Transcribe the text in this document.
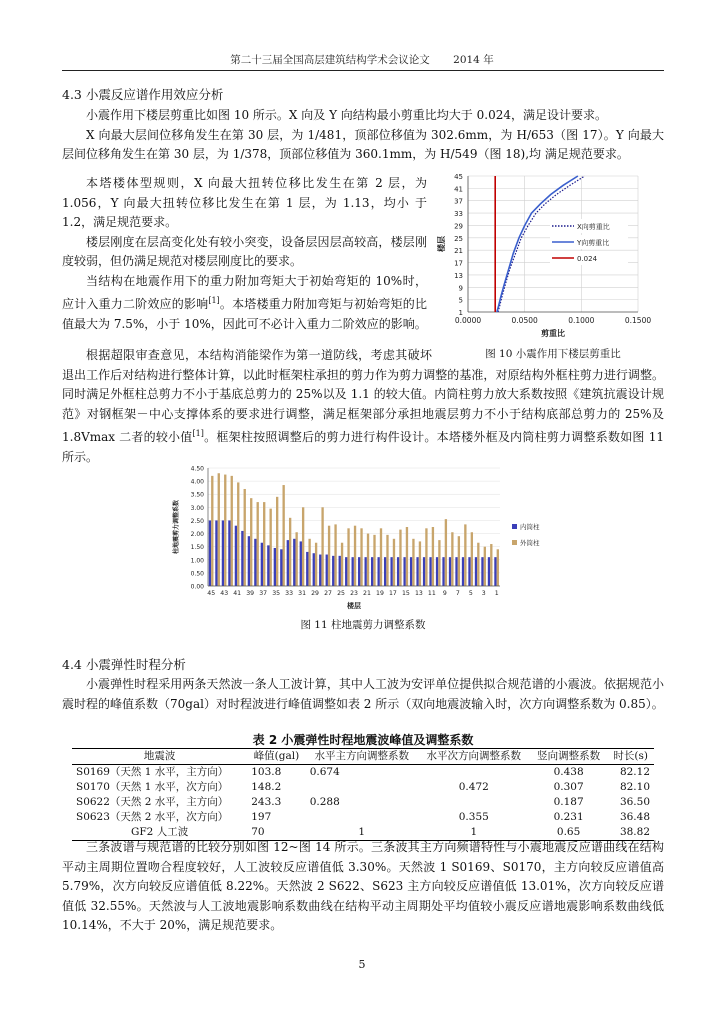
第二十三届全国高层建筑结构学术会议论文 2014 年
4.3 小震反应谱作用效应分析

小震作用下楼层剪重比如图 10 所示。X 向及 Y 向结构最小剪重比均大于 0.024，满足设计要求。

X 向最大层间位移角发生在第 30 层，为 1/481，顶部位移值为 302.6mm，为 H/653（图 17）。Y 向最大层间位移角发生在第 30 层，为 1/378，顶部位移值为 360.1mm，为 H/549（图 18),均 满足规范要求。

本塔楼体型规则，X 向最大扭转位移比发生在第 2 层，为 1.056，Y 向最大扭转位移比发生在第 1 层，为 1.13，均小 于 1.2，满足规范要求。

楼层刚度在层高变化处有较小突变，设备层因层高较高，楼层刚度较弱，但仍满足规范对楼层刚度比的要求。

当结构在地震作用下的重力附加弯矩大于初始弯矩的 10%时，应计入重力二阶效应的影响[1]。本塔楼重力附加弯矩与初始弯矩的比值最大为 7.5%，小于 10%，因此可不必计入重力二阶效应的影响。

1
5
9
13
17
21
25
29
33
37
41
45
0.0000	0.0500	0.1000	0.1500
剪重比
楼层
X向剪重比
Y向剪重比
0.024
图 10 小震作用下楼层剪重比

根据超限审查意见，本结构消能梁作为第一道防线，考虑其破坏退出工作后对结构进行整体计算，以此时框架柱承担的剪力作为剪力调整的基准，对原结构外框柱剪力进行调整。同时满足外框柱总剪力不小于基底总剪力的 25%以及 1.1 的较大值。内筒柱剪力放大系数按照《建筑抗震设计规范》对钢框架－中心支撑体系的要求进行调整，满足框架部分承担地震层剪力不小于结构底部总剪力的 25%及 1.8Vmax 二者的较小值[1]。框架柱按照调整后的剪力进行构件设计。本塔楼外框及内筒柱剪力调整系数如图 11 所示。

0.00
0.50
1.00
1.50
2.00
2.50
3.00
3.50
4.00
4.50
45 43 41 39 37 35 33 31 29 27 25 23 21 19 17 15 13 11 9 7 5 3 1
楼层
柱地震剪力调整系数	内筒柱
外筒柱
图 11 柱地震剪力调整系数
4.4 小震弹性时程分析

小震弹性时程采用两条天然波一条人工波计算，其中人工波为安评单位提供拟合规范谱的小震波。依据规范小震时程的峰值系数（70gal）对时程波进行峰值调整如表 2 所示（双向地震波输入时，次方向调整系数为 0.85）。

表 2 小震弹性时程地震波峰值及调整系数
地震波	峰值(gal)	水平主方向调整系数	水平次方向调整系数	竖向调整系数	时长(s)
S0169（天然 1 水平，主方向）	103.8	0.674		0.438	82.12
S0170（天然 1 水平，次方向）	148.2		0.472	0.307	82.10
S0622（天然 2 水平，主方向）	243.3	0.288		0.187	36.50
S0623（天然 2 水平，次方向）	197		0.355	0.231	36.48
GF2 人工波	70	1	1	0.65	38.82

三条波谱与规范谱的比较分别如图 12~图 14 所示。三条波其主方向频谱特性与小震地震反应谱曲线在结构平动主周期位置吻合程度较好，人工波较反应谱值低 3.30%。天然波 1 S0169、S0170，主方向较反应谱值高 5.79%，次方向较反应谱值低 8.22%。天然波 2 S622、S623 主方向较反应谱值低 13.01%，次方向较反应谱值低 32.55%。天然波与人工波地震影响系数曲线在结构平动主周期处平均值较小震反应谱地震影响系数曲线低 10.14%，不大于 20%，满足规范要求。

5
